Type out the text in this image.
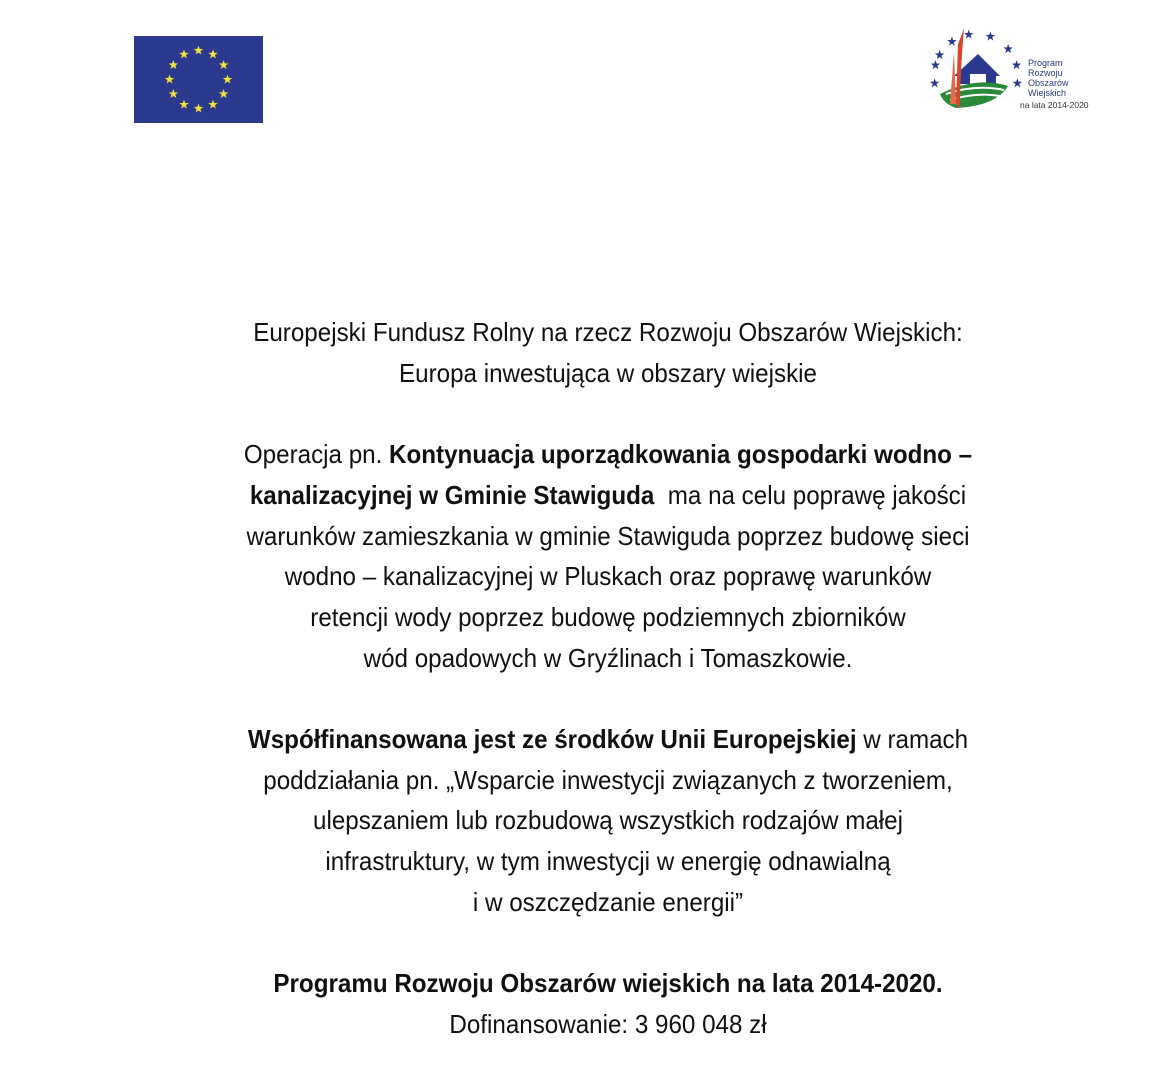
Program
Rozwoju
Obszarów
Wiejskich
na lata 2014-2020
Europejski Fundusz Rolny na rzecz Rozwoju Obszarów Wiejskich:
Europa inwestująca w obszary wiejskie
Operacja pn. Kontynuacja uporządkowania gospodarki wodno –
kanalizacyjnej w Gminie Stawiguda  ma na celu poprawę jakości
warunków zamieszkania w gminie Stawiguda poprzez budowę sieci
wodno – kanalizacyjnej w Pluskach oraz poprawę warunków
retencji wody poprzez budowę podziemnych zbiorników
wód opadowych w Gryźlinach i Tomaszkowie.
Współfinansowana jest ze środków Unii Europejskiej w ramach
poddziałania pn. „Wsparcie inwestycji związanych z tworzeniem,
ulepszaniem lub rozbudową wszystkich rodzajów małej
infrastruktury, w tym inwestycji w energię odnawialną
i w oszczędzanie energii”
Programu Rozwoju Obszarów wiejskich na lata 2014-2020.
Dofinansowanie: 3 960 048 zł
